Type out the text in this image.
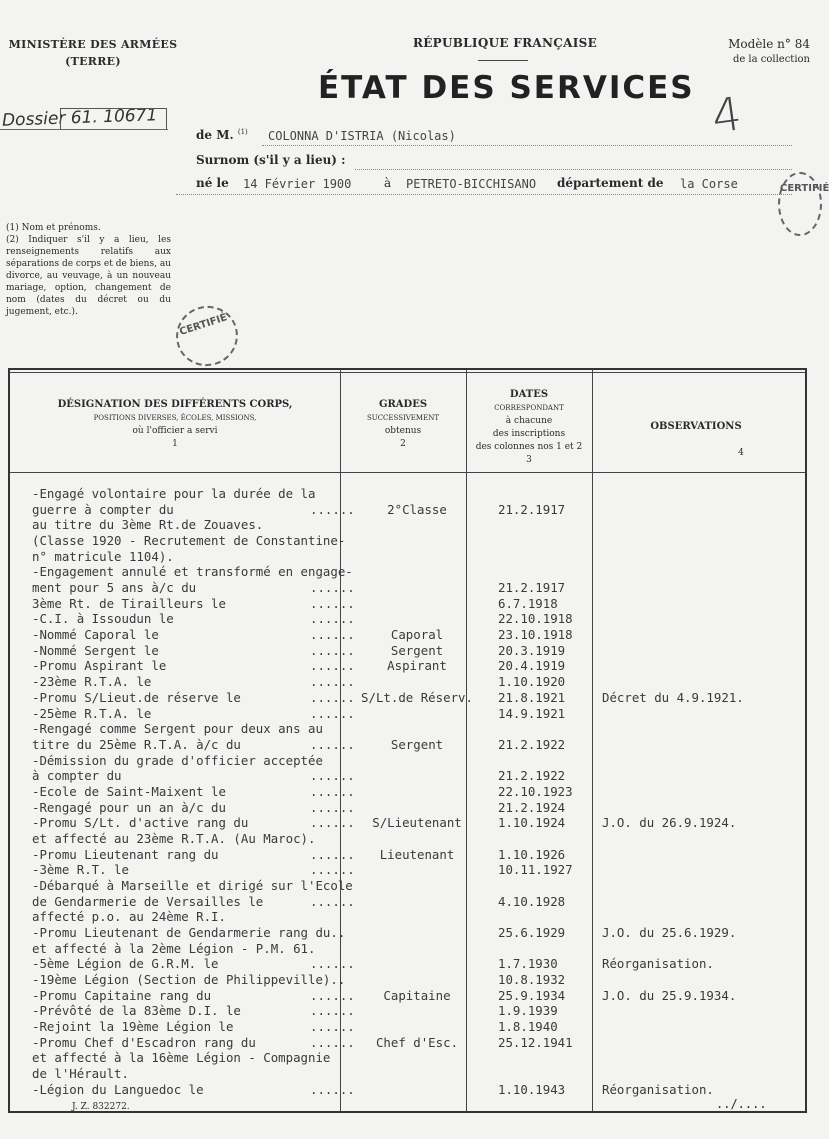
MINISTÈRE DES ARMÉES
(TERRE)
RÉPUBLIQUE FRANÇAISE	Modèle n° 84
de la collection
ÉTAT DES SERVICES 4
Dossier 61. 10671
de M. $^{(1)}$ COLONNA D'ISTRIA (Nicolas)
Surnom (s'il y a lieu) :
né le 14 Février 1900	à PETRETO-BICCHISANO département de la Corse
(1) Nom et prénoms.
(2) Indiquer s'il y a lieu, les renseignements relatifs aux séparations de corps et de biens, au divorce, au veuvage, à un nouveau mariage, option, changement de nom (dates du décret ou du jugement, etc.).
CERTIFIÉ
CERTIFIÉ
DÉSIGNATION DES DIFFÉRENTS CORPS,
POSITIONS DIVERSES, ÉCOLES, MISSIONS,
où l'officier a servi
1
GRADES
SUCCESSIVEMENT
obtenus
2
DATES
CORRESPONDANT
à chacune
des inscriptions
des colonnes nos 1 et 2
3
OBSERVATIONS

4
-Engagé volontaire pour la durée de la
guerre à compter du	......	2°Classe	21.2.1917
au titre du 3ème Rt.de Zouaves.
(Classe 1920 - Recrutement de Constantine-
n° matricule 1104).
-Engagement annulé et transformé en engage-
ment pour 5 ans à/c du	......	21.2.1917
3ème Rt. de Tirailleurs le	......	6.7.1918
-C.I. à Issoudun le	......	22.10.1918
-Nommé Caporal le	......	Caporal	23.10.1918
-Nommé Sergent le	......	Sergent	20.3.1919
-Promu Aspirant le	......	Aspirant	20.4.1919
-23ème R.T.A. le	......	1.10.1920
-Promu S/Lieut.de réserve le	...... S/Lt.de Réserv.	21.8.1921	Décret du 4.9.1921.
-25ème R.T.A. le	......	14.9.1921
-Rengagé comme Sergent pour deux ans au
titre du 25ème R.T.A. à/c du	......	Sergent	21.2.1922
-Démission du grade d'officier acceptée
à compter du	......	21.2.1922
-Ecole de Saint-Maixent le	......	22.10.1923
-Rengagé pour un an à/c du	......	21.2.1924
-Promu S/Lt. d'active rang du	......	S/Lieutenant	1.10.1924	J.O. du 26.9.1924.
et affecté au 23ème R.T.A. (Au Maroc).
-Promu Lieutenant rang du	......	Lieutenant	1.10.1926
-3ème R.T. le	......	10.11.1927
-Débarqué à Marseille et dirigé sur l'Ecole
de Gendarmerie de Versailles le	......	4.10.1928
affecté p.o. au 24ème R.I.
-Promu Lieutenant de Gendarmerie rang du..	25.6.1929	J.O. du 25.6.1929.
et affecté à la 2ème Légion - P.M. 61.
-5ème Légion de G.R.M. le	......	1.7.1930	Réorganisation.
-19ème Légion (Section de Philippeville)..	10.8.1932
-Promu Capitaine rang du	......	Capitaine	25.9.1934	J.O. du 25.9.1934.
-Prévôté de la 83ème D.I. le	......	1.9.1939
-Rejoint la 19ème Légion le	......	1.8.1940
-Promu Chef d'Escadron rang du	......	Chef d'Esc.	25.12.1941
et affecté à la 16ème Légion - Compagnie
de l'Hérault.
-Légion du Languedoc le	......	1.10.1943	Réorganisation.
J. Z. 832272.	../....
